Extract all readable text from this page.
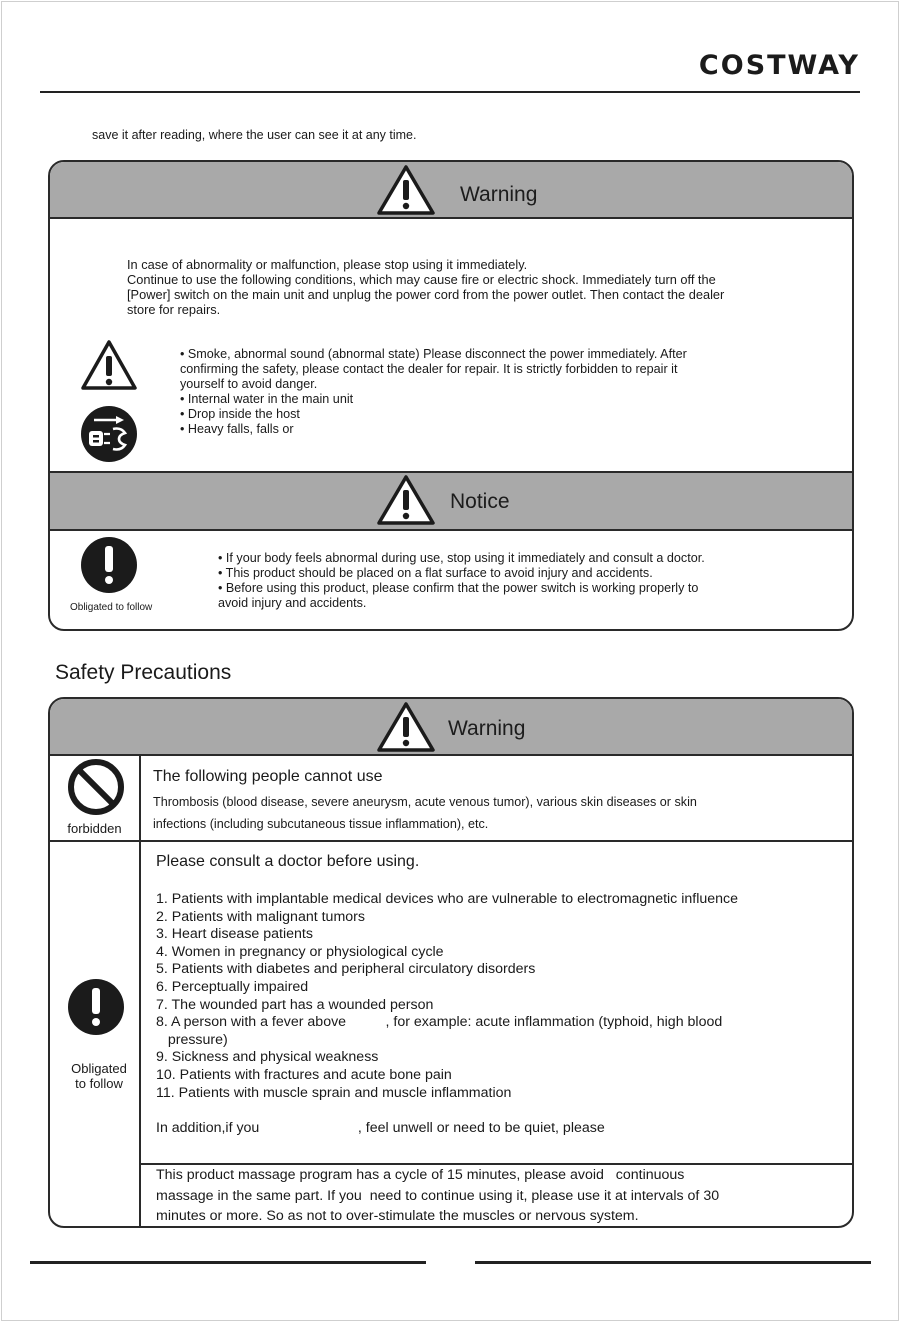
COSTWAY
save it after reading, where the user can see it at any time.
Warning
In case of abnormality or malfunction, please stop using it immediately.
Continue to use the following conditions, which may cause fire or electric shock. Immediately turn off the
[Power] switch on the main unit and unplug the power cord from the power outlet. Then contact the dealer
store for repairs.
• Smoke, abnormal sound (abnormal state) Please disconnect the power immediately. After
confirming the safety, please contact the dealer for repair. It is strictly forbidden to repair it
yourself to avoid danger.
• Internal water in the main unit
• Drop inside the host
• Heavy falls, falls or
Notice
Obligated to follow
• If your body feels abnormal during use, stop using it immediately and consult a doctor.
• This product should be placed on a flat surface to avoid injury and accidents.
• Before using this product, please confirm that the power switch is working properly to
avoid injury and accidents.
Safety Precautions
Warning
forbidden
The following people cannot use
Thrombosis (blood disease, severe aneurysm, acute venous tumor), various skin diseases or skin
infections (including subcutaneous tissue inflammation), etc.
Obligated
to follow
Please consult a doctor before using.
1. Patients with implantable medical devices who are vulnerable to electromagnetic influence
2. Patients with malignant tumors
3. Heart disease patients
4. Women in pregnancy or physiological cycle
5. Patients with diabetes and peripheral circulatory disorders
6. Perceptually impaired
7. The wounded part has a wounded person
8. A person with a fever above          , for example: acute inflammation (typhoid, high blood
pressure)
9. Sickness and physical weakness
10. Patients with fractures and acute bone pain
11. Patients with muscle sprain and muscle inflammation
In addition,if you                         , feel unwell or need to be quiet, please
This product massage program has a cycle of 15 minutes, please avoid   continuous
massage in the same part. If you  need to continue using it, please use it at intervals of 30
minutes or more. So as not to over-stimulate the muscles or nervous system.
